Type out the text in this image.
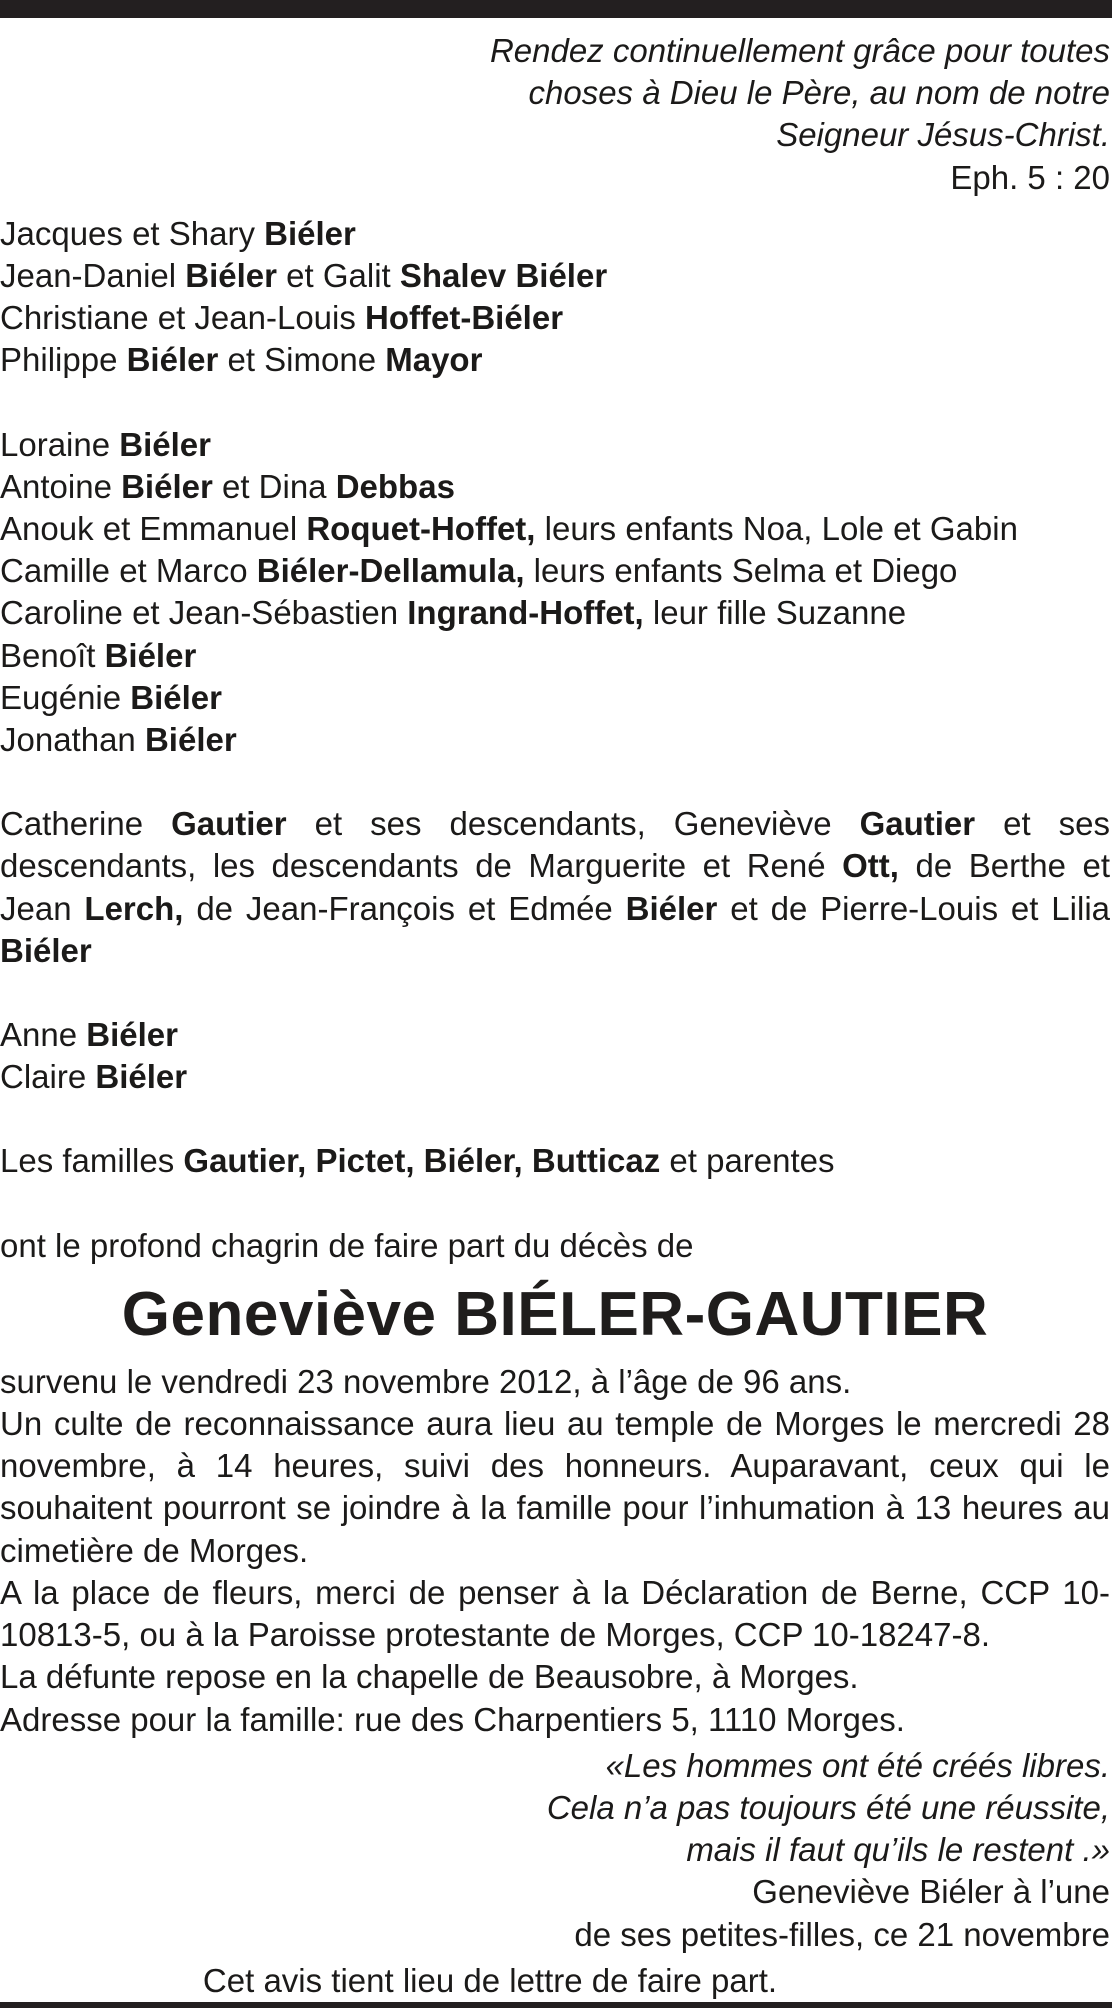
Rendez continuellement grâce pour toutes
choses à Dieu le Père, au nom de notre
Seigneur Jésus-Christ.
Eph. 5 : 20
Jacques et Shary Biéler
Jean-Daniel Biéler et Galit Shalev Biéler
Christiane et Jean-Louis Hoffet-Biéler
Philippe Biéler et Simone Mayor
Loraine Biéler
Antoine Biéler et Dina Debbas
Anouk et Emmanuel Roquet-Hoffet, leurs enfants Noa, Lole et Gabin
Camille et Marco Biéler-Dellamula, leurs enfants Selma et Diego
Caroline et Jean-Sébastien Ingrand-Hoffet, leur fille Suzanne
Benoît Biéler
Eugénie Biéler
Jonathan Biéler
Catherine Gautier et ses descendants, Geneviève Gautier et ses descendants, les descendants de Marguerite et René Ott, de Berthe et Jean Lerch, de Jean-François et Edmée Biéler et de Pierre-Louis et Lilia Biéler
Anne Biéler
Claire Biéler
Les familles Gautier, Pictet, Biéler, Butticaz et parentes
ont le profond chagrin de faire part du décès de
Geneviève BIÉLER-GAUTIER
survenu le vendredi 23 novembre 2012, à l’âge de 96 ans.
Un culte de reconnaissance aura lieu au temple de Morges le mercredi 28 novembre, à 14 heures, suivi des honneurs. Auparavant, ceux qui le souhaitent pourront se joindre à la famille pour l’inhumation à 13 heures au cimetière de Morges.
A la place de fleurs, merci de penser à la Déclaration de Berne, CCP 10-10813-5, ou à la Paroisse protestante de Morges, CCP 10-18247-8.
La défunte repose en la chapelle de Beausobre, à Morges.
Adresse pour la famille: rue des Charpentiers 5, 1110 Morges.
«Les hommes ont été créés libres.
Cela n’a pas toujours été une réussite,
mais il faut qu’ils le restent .»
Geneviève Biéler à l’une
de ses petites-filles, ce 21 novembre
Cet avis tient lieu de lettre de faire part.
